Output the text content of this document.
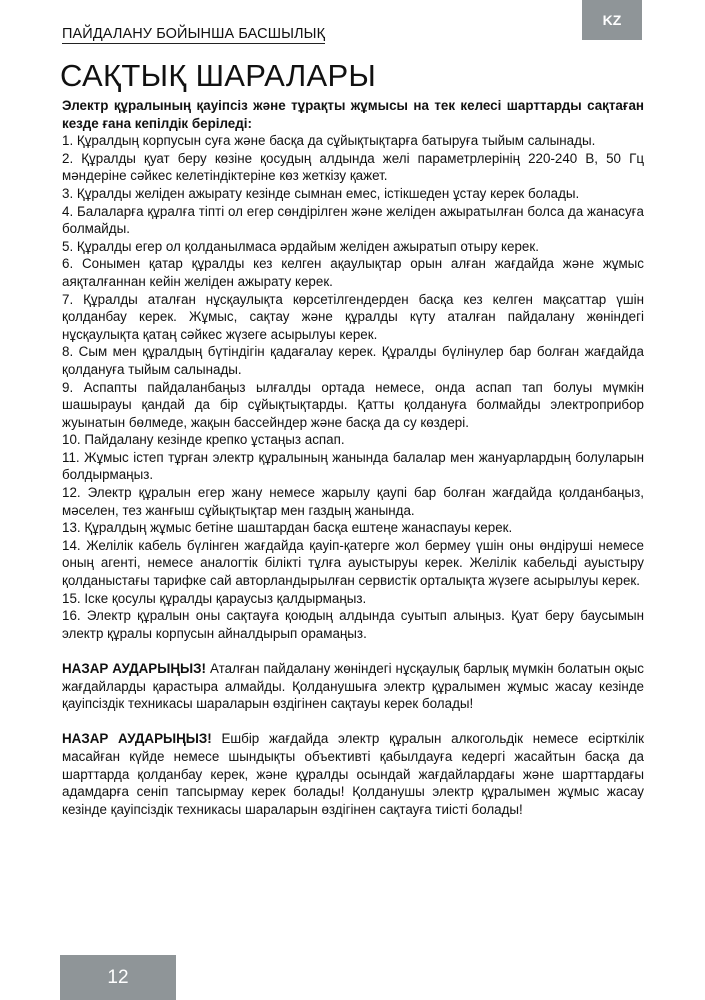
KZ
ПАЙДАЛАНУ БОЙЫНША БАСШЫЛЫҚ
САҚТЫҚ ШАРАЛАРЫ

Электр құралының қауіпсіз және тұрақты жұмысы на тек келесі шарттарды сақтаған кезде ғана кепілдік беріледі:

1. Құралдың корпусын суға және басқа да сұйықтықтарға батыруға тыйым салынады.

2. Құралды қуат беру көзіне қосудың алдында желі параметрлерінің 220-240 В, 50 Гц мәндеріне сәйкес келетіндіктеріне көз жеткізу қажет.

3. Құралды желіден ажырату кезінде сымнан емес, істікшеден ұстау керек болады.

4. Балаларға құралға тіпті ол егер сөндірілген және желіден ажыратылған болса да жанасуға болмайды.

5. Құралды егер ол қолданылмаса әрдайым желіден ажыратып отыру керек.

6. Сонымен қатар құралды кез келген ақаулықтар орын алған жағдайда және жұмыс аяқталғаннан кейін желіден ажырату керек.

7. Құралды аталған нұсқаулықта көрсетілгендерден басқа кез келген мақсаттар үшін қолданбау керек. Жұмыс, сақтау және құралды күту аталған пайдалану жөніндегі нұсқаулықта қатаң сәйкес жүзеге асырылуы керек.

8. Сым мен құралдың бүтіндігін қадағалау керек. Құралды бүлінулер бар болған жағдайда қолдануға тыйым салынады.

9. Аспапты пайдаланбаңыз ылғалды ортада немесе, онда аспап тап болуы мүмкін шашырауы қандай да бір сұйықтықтарды. Қатты қолдануға болмайды электроприбор жуынатын бөлмеде, жақын бассейндер және басқа да су көздері.

10. Пайдалану кезінде крепко ұстаңыз аспап.

11. Жұмыс істеп тұрған электр құралының жанында балалар мен жануарлардың болуларын болдырмаңыз.

12. Электр құралын егер жану немесе жарылу қаупі бар болған жағдайда қолданбаңыз, мәселен, тез жанғыш сұйықтықтар мен газдың жанында.

13. Құралдың жұмыс бетіне шаштардан басқа ештеңе жанаспауы керек.

14. Желілік кабель бүлінген жағдайда қауіп-қатерге жол бермеу үшін оны өндіруші немесе оның агенті, немесе аналогтік білікті тұлға ауыстыруы керек. Желілік кабельді ауыстыру қолданыстағы тарифке сай авторландырылған сервистік орталықта жүзеге асырылуы керек.

15. Іске қосулы құралды қараусыз қалдырмаңыз.

16. Электр құралын оны сақтауға қоюдың алдында суытып алыңыз. Қуат беру баусымын электр құралы корпусын айналдырып орамаңыз.

НАЗАР АУДАРЫҢЫЗ! Аталған пайдалану жөніндегі нұсқаулық барлық мүмкін болатын оқыс жағдайларды қарастыра алмайды. Қолданушыға электр құралымен жұмыс жасау кезінде қауіпсіздік техникасы шараларын өздігінен сақтауы керек болады!

НАЗАР АУДАРЫҢЫЗ! Ешбір жағдайда электр құралын алкогольдік немесе есірткілік масайған күйде немесе шындықты объективті қабылдауға кедергі жасайтын басқа да шарттарда қолданбау керек, және құралды осындай жағдайлардағы және шарттардағы адамдарға сеніп тапсырмау керек болады! Қолданушы электр құралымен жұмыс жасау кезінде қауіпсіздік техникасы шараларын өздігінен сақтауға тиісті болады!

12
